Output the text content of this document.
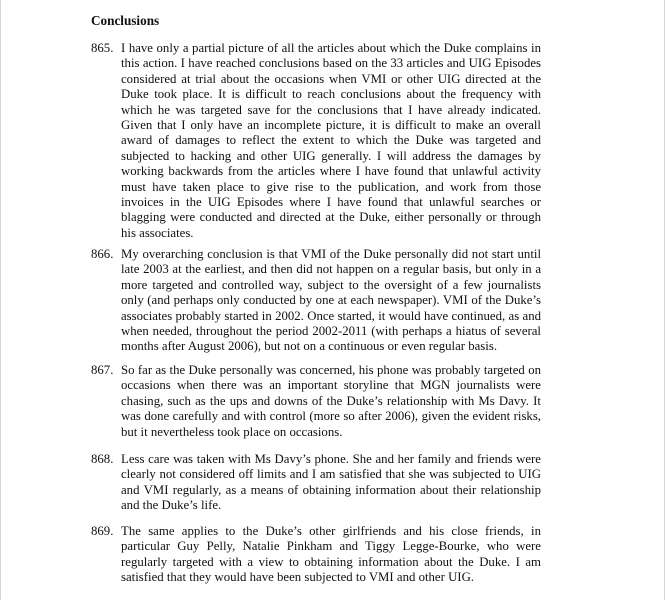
Conclusions
865. I have only a partial picture of all the articles about which the Duke complains in this action. I have reached conclusions based on the 33 articles and UIG Episodes considered at trial about the occasions when VMI or other UIG directed at the Duke took place. It is difficult to reach conclusions about the frequency with which he was targeted save for the conclusions that I have already indicated. Given that I only have an incomplete picture, it is difficult to make an overall award of damages to reflect the extent to which the Duke was targeted and subjected to hacking and other UIG generally. I will address the damages by working backwards from the articles where I have found that unlawful activity must have taken place to give rise to the publication, and work from those invoices in the UIG Episodes where I have found that unlawful searches or blagging were conducted and directed at the Duke, either personally or through his associates.
866. My overarching conclusion is that VMI of the Duke personally did not start until late 2003 at the earliest, and then did not happen on a regular basis, but only in a more targeted and controlled way, subject to the oversight of a few journalists only (and perhaps only conducted by one at each newspaper). VMI of the Duke’s associates probably started in 2002. Once started, it would have continued, as and when needed, throughout the period 2002-2011 (with perhaps a hiatus of several months after August 2006), but not on a continuous or even regular basis.
867. So far as the Duke personally was concerned, his phone was probably targeted on occasions when there was an important storyline that MGN journalists were chasing, such as the ups and downs of the Duke’s relationship with Ms Davy. It was done carefully and with control (more so after 2006), given the evident risks, but it nevertheless took place on occasions.
868. Less care was taken with Ms Davy’s phone. She and her family and friends were clearly not considered off limits and I am satisfied that she was subjected to UIG and VMI regularly, as a means of obtaining information about their relationship and the Duke’s life.
869. The same applies to the Duke’s other girlfriends and his close friends, in particular Guy Pelly, Natalie Pinkham and Tiggy Legge-Bourke, who were regularly targeted with a view to obtaining information about the Duke. I am satisfied that they would have been subjected to VMI and other UIG.
